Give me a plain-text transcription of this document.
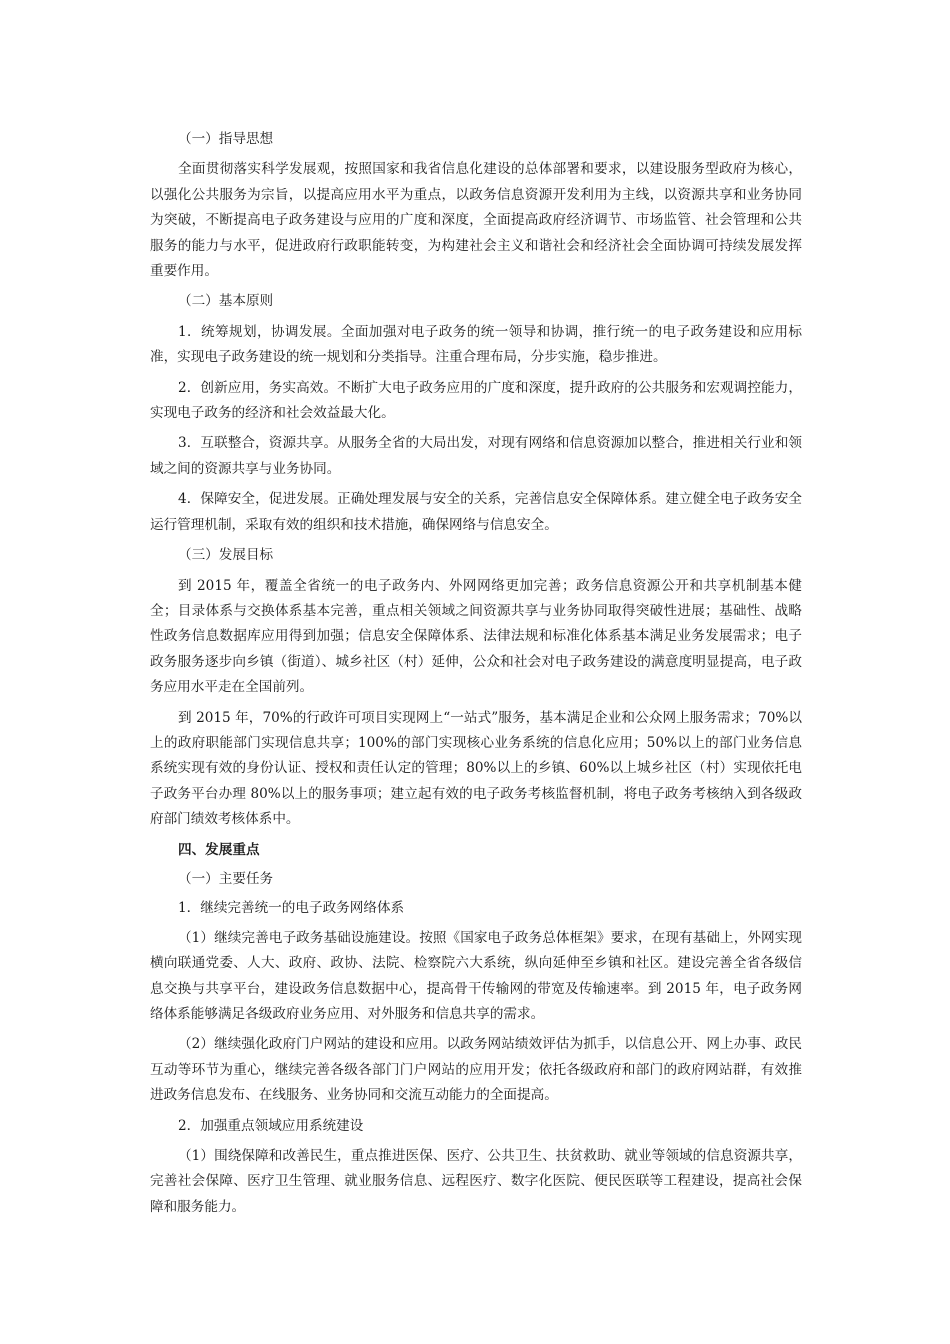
（一）指导思想

全面贯彻落实科学发展观，按照国家和我省信息化建设的总体部署和要求，以建设服务型政府为核心，以强化公共服务为宗旨，以提高应用水平为重点，以政务信息资源开发利用为主线，以资源共享和业务协同为突破，不断提高电子政务建设与应用的广度和深度，全面提高政府经济调节、市场监管、社会管理和公共服务的能力与水平，促进政府行政职能转变，为构建社会主义和谐社会和经济社会全面协调可持续发展发挥重要作用。

（二）基本原则

1．统筹规划，协调发展。全面加强对电子政务的统一领导和协调，推行统一的电子政务建设和应用标准，实现电子政务建设的统一规划和分类指导。注重合理布局，分步实施，稳步推进。

2．创新应用，务实高效。不断扩大电子政务应用的广度和深度，提升政府的公共服务和宏观调控能力，实现电子政务的经济和社会效益最大化。

3．互联整合，资源共享。从服务全省的大局出发，对现有网络和信息资源加以整合，推进相关行业和领域之间的资源共享与业务协同。

4．保障安全，促进发展。正确处理发展与安全的关系，完善信息安全保障体系。建立健全电子政务安全运行管理机制，采取有效的组织和技术措施，确保网络与信息安全。

（三）发展目标

到 2015 年，覆盖全省统一的电子政务内、外网网络更加完善；政务信息资源公开和共享机制基本健全；目录体系与交换体系基本完善，重点相关领域之间资源共享与业务协同取得突破性进展；基础性、战略性政务信息数据库应用得到加强；信息安全保障体系、法律法规和标准化体系基本满足业务发展需求；电子政务服务逐步向乡镇（街道）、城乡社区（村）延伸，公众和社会对电子政务建设的满意度明显提高，电子政务应用水平走在全国前列。

到 2015 年，70%的行政许可项目实现网上“一站式”服务，基本满足企业和公众网上服务需求；70%以上的政府职能部门实现信息共享；100%的部门实现核心业务系统的信息化应用；50%以上的部门业务信息系统实现有效的身份认证、授权和责任认定的管理；80%以上的乡镇、60%以上城乡社区（村）实现依托电子政务平台办理 80%以上的服务事项；建立起有效的电子政务考核监督机制，将电子政务考核纳入到各级政府部门绩效考核体系中。

四、发展重点

（一）主要任务

1．继续完善统一的电子政务网络体系

（1）继续完善电子政务基础设施建设。按照《国家电子政务总体框架》要求，在现有基础上，外网实现横向联通党委、人大、政府、政协、法院、检察院六大系统，纵向延伸至乡镇和社区。建设完善全省各级信息交换与共享平台，建设政务信息数据中心，提高骨干传输网的带宽及传输速率。到 2015 年，电子政务网络体系能够满足各级政府业务应用、对外服务和信息共享的需求。

（2）继续强化政府门户网站的建设和应用。以政务网站绩效评估为抓手，以信息公开、网上办事、政民互动等环节为重心，继续完善各级各部门门户网站的应用开发；依托各级政府和部门的政府网站群，有效推进政务信息发布、在线服务、业务协同和交流互动能力的全面提高。

2．加强重点领域应用系统建设

（1）围绕保障和改善民生，重点推进医保、医疗、公共卫生、扶贫救助、就业等领域的信息资源共享，完善社会保障、医疗卫生管理、就业服务信息、远程医疗、数字化医院、便民医联等工程建设，提高社会保障和服务能力。
